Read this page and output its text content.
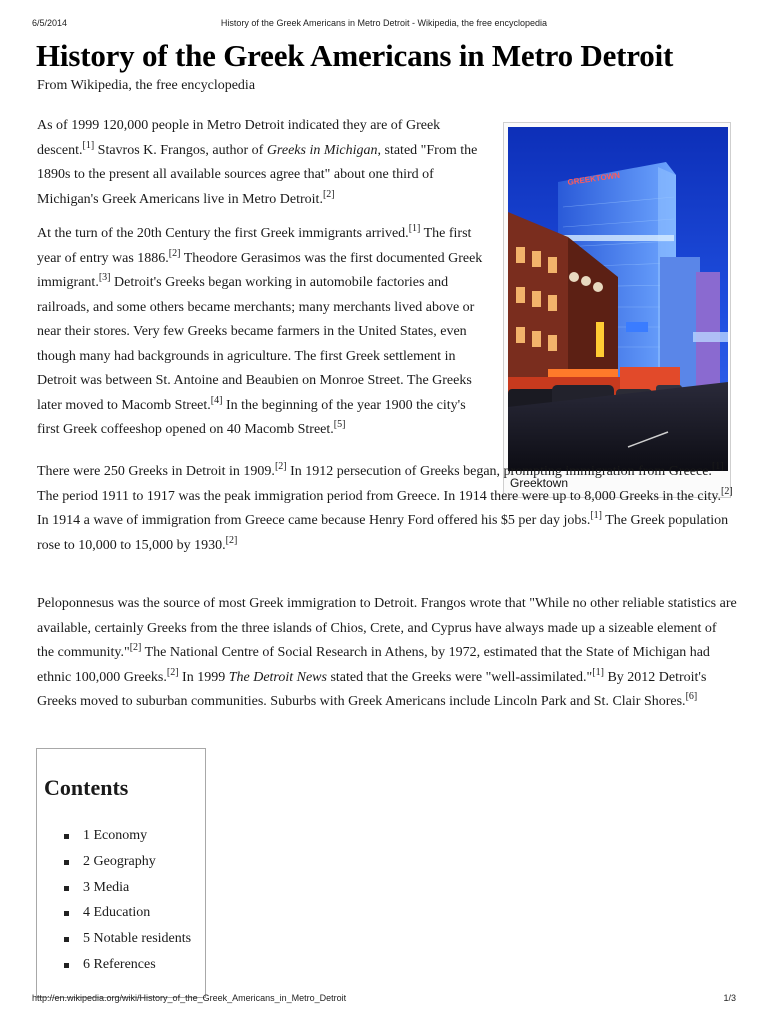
6/5/2014	History of the Greek Americans in Metro Detroit - Wikipedia, the free encyclopedia
History of the Greek Americans in Metro Detroit
From Wikipedia, the free encyclopedia
GREEKTOWN
Greektown

As of 1999 120,000 people in Metro Detroit indicated they are of Greek descent.[1] Stavros K. Frangos, author of Greeks in Michigan, stated "From the 1890s to the present all available sources agree that" about one third of Michigan's Greek Americans live in Metro Detroit.[2]

At the turn of the 20th Century the first Greek immigrants arrived.[1] The first year of entry was 1886.[2] Theodore Gerasimos was the first documented Greek immigrant.[3] Detroit's Greeks began working in automobile factories and railroads, and some others became merchants; many merchants lived above or near their stores. Very few Greeks became farmers in the United States, even though many had backgrounds in agriculture. The first Greek settlement in Detroit was between St. Antoine and Beaubien on Monroe Street. The Greeks later moved to Macomb Street.[4] In the beginning of the year 1900 the city's first Greek coffeeshop opened on 40 Macomb Street.[5]

There were 250 Greeks in Detroit in 1909.[2] In 1912 persecution of Greeks began, prompting immigration from Greece.[1] The period 1911 to 1917 was the peak immigration period from Greece. In 1914 there were up to 8,000 Greeks in the city.[2] In 1914 a wave of immigration from Greece came because Henry Ford offered his $5 per day jobs.[1] The Greek population rose to 10,000 to 15,000 by 1930.[2]

Peloponnesus was the source of most Greek immigration to Detroit. Frangos wrote that "While no other reliable statistics are available, certainly Greeks from the three islands of Chios, Crete, and Cyprus have always made up a sizeable element of the community."[2] The National Centre of Social Research in Athens, by 1972, estimated that the State of Michigan had ethnic 100,000 Greeks.[2] In 1999 The Detroit News stated that the Greeks were "well-assimilated."[1] By 2012 Detroit's Greeks moved to suburban communities. Suburbs with Greek Americans include Lincoln Park and St. Clair Shores.[6]

Contents
1 Economy
2 Geography
3 Media
4 Education
5 Notable residents
6 References
http://en.wikipedia.org/wiki/History_of_the_Greek_Americans_in_Metro_Detroit	1/3
